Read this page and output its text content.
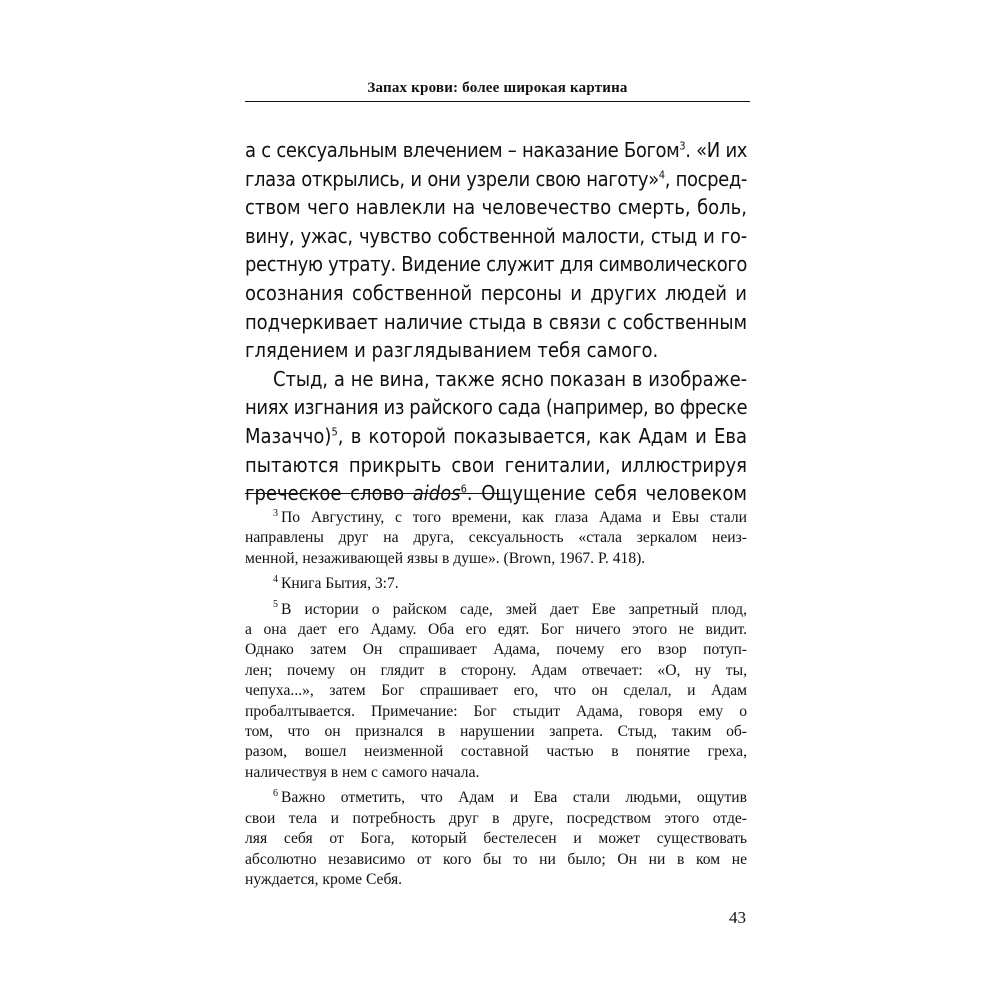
Запах крови: более широкая картина
а с сексуальным влечением – наказание Богом$^3$. «И их
глаза открылись, и они узрели свою наготу»$^4$, посред-
ством чего навлекли на человечество смерть, боль,
вину, ужас, чувство собственной малости, стыд и го-
рестную утрату. Видение служит для символического
осознания собственной персоны и других людей и
подчеркивает наличие стыда в связи с собственным
глядением и разглядыванием тебя самого.
Стыд, а не вина, также ясно показан в изображе-
ниях изгнания из райского сада (например, во фреске
Мазаччо)$^5$, в которой показывается, как Адам и Ева
пытаются прикрыть свои гениталии, иллюстрируя
греческое слово aidos$^6$. Ощущение себя человеком
$^3$ По Августину, с того времени, как глаза Адама и Евы стали
направлены друг на друга, сексуальность «стала зеркалом неиз-
менной, незаживающей язвы в душе». (Brown, 1967. P. 418).
$^4$ Книга Бытия, 3:7.
$^5$ В истории о райском саде, змей дает Еве запретный плод,
а она дает его Адаму. Оба его едят. Бог ничего этого не видит.
Однако затем Он спрашивает Адама, почему его взор потуп-
лен; почему он глядит в сторону. Адам отвечает: «О, ну ты,
чепуха...», затем Бог спрашивает его, что он сделал, и Адам
пробалтывается. Примечание: Бог стыдит Адама, говоря ему о
том, что он признался в нарушении запрета. Стыд, таким об-
разом, вошел неизменной составной частью в понятие греха,
наличествуя в нем с самого начала.
$^6$ Важно отметить, что Адам и Ева стали людьми, ощутив
свои тела и потребность друг в друге, посредством этого отде-
ляя себя от Бога, который бестелесен и может существовать
абсолютно независимо от кого бы то ни было; Он ни в ком не
нуждается, кроме Себя.
43
